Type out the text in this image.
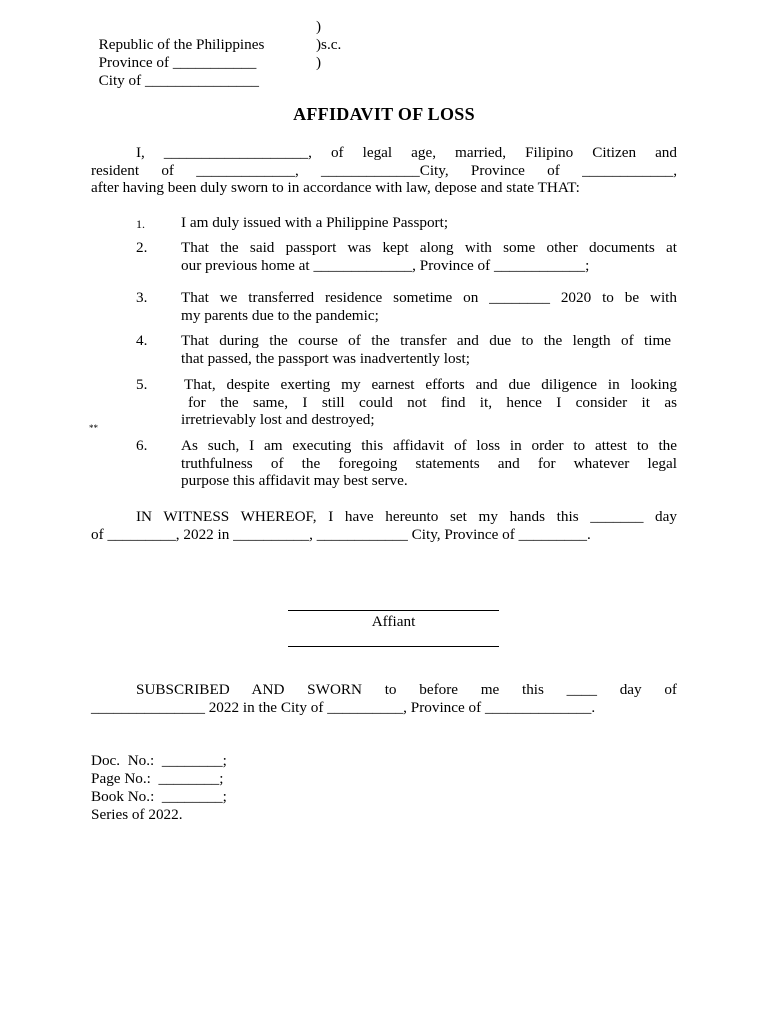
Republic of the Philippines

)

Province of ___________

)s.c.

City of _______________

)

AFFIDAVIT OF LOSS
I, ___________________, of legal age, married, Filipino Citizen and
resident of _____________, _____________City, Province of ____________,
after having been duly sworn to in accordance with law, depose and state THAT:
1.	I am duly issued with a Philippine Passport;
2.	That the said passport was kept along with some other documents at
our previous home at _____________, Province of ____________;
3.	That we transferred residence sometime on ________ 2020 to be with
my parents due to the pandemic;
4.	That during the course of the transfer and due to the length of time
that passed, the passport was inadvertently lost;
5.	That, despite exerting my earnest efforts and due diligence in looking
for the same, I still could not find it, hence I consider it as
irretrievably lost and destroyed;
**
6.	As such, I am executing this affidavit of loss in order to attest to the
truthfulness of the foregoing statements and for whatever legal
purpose this affidavit may best serve.
IN WITNESS WHEREOF, I have hereunto set my hands this _______ day
of _________, 2022 in __________, ____________ City, Province of _________.
Affiant
SUBSCRIBED AND SWORN to before me this ____ day of
_______________ 2022 in the City of __________, Province of ______________.
Doc.  No.:  ________;
Page No.:  ________;
Book No.:  ________;
Series of 2022.
